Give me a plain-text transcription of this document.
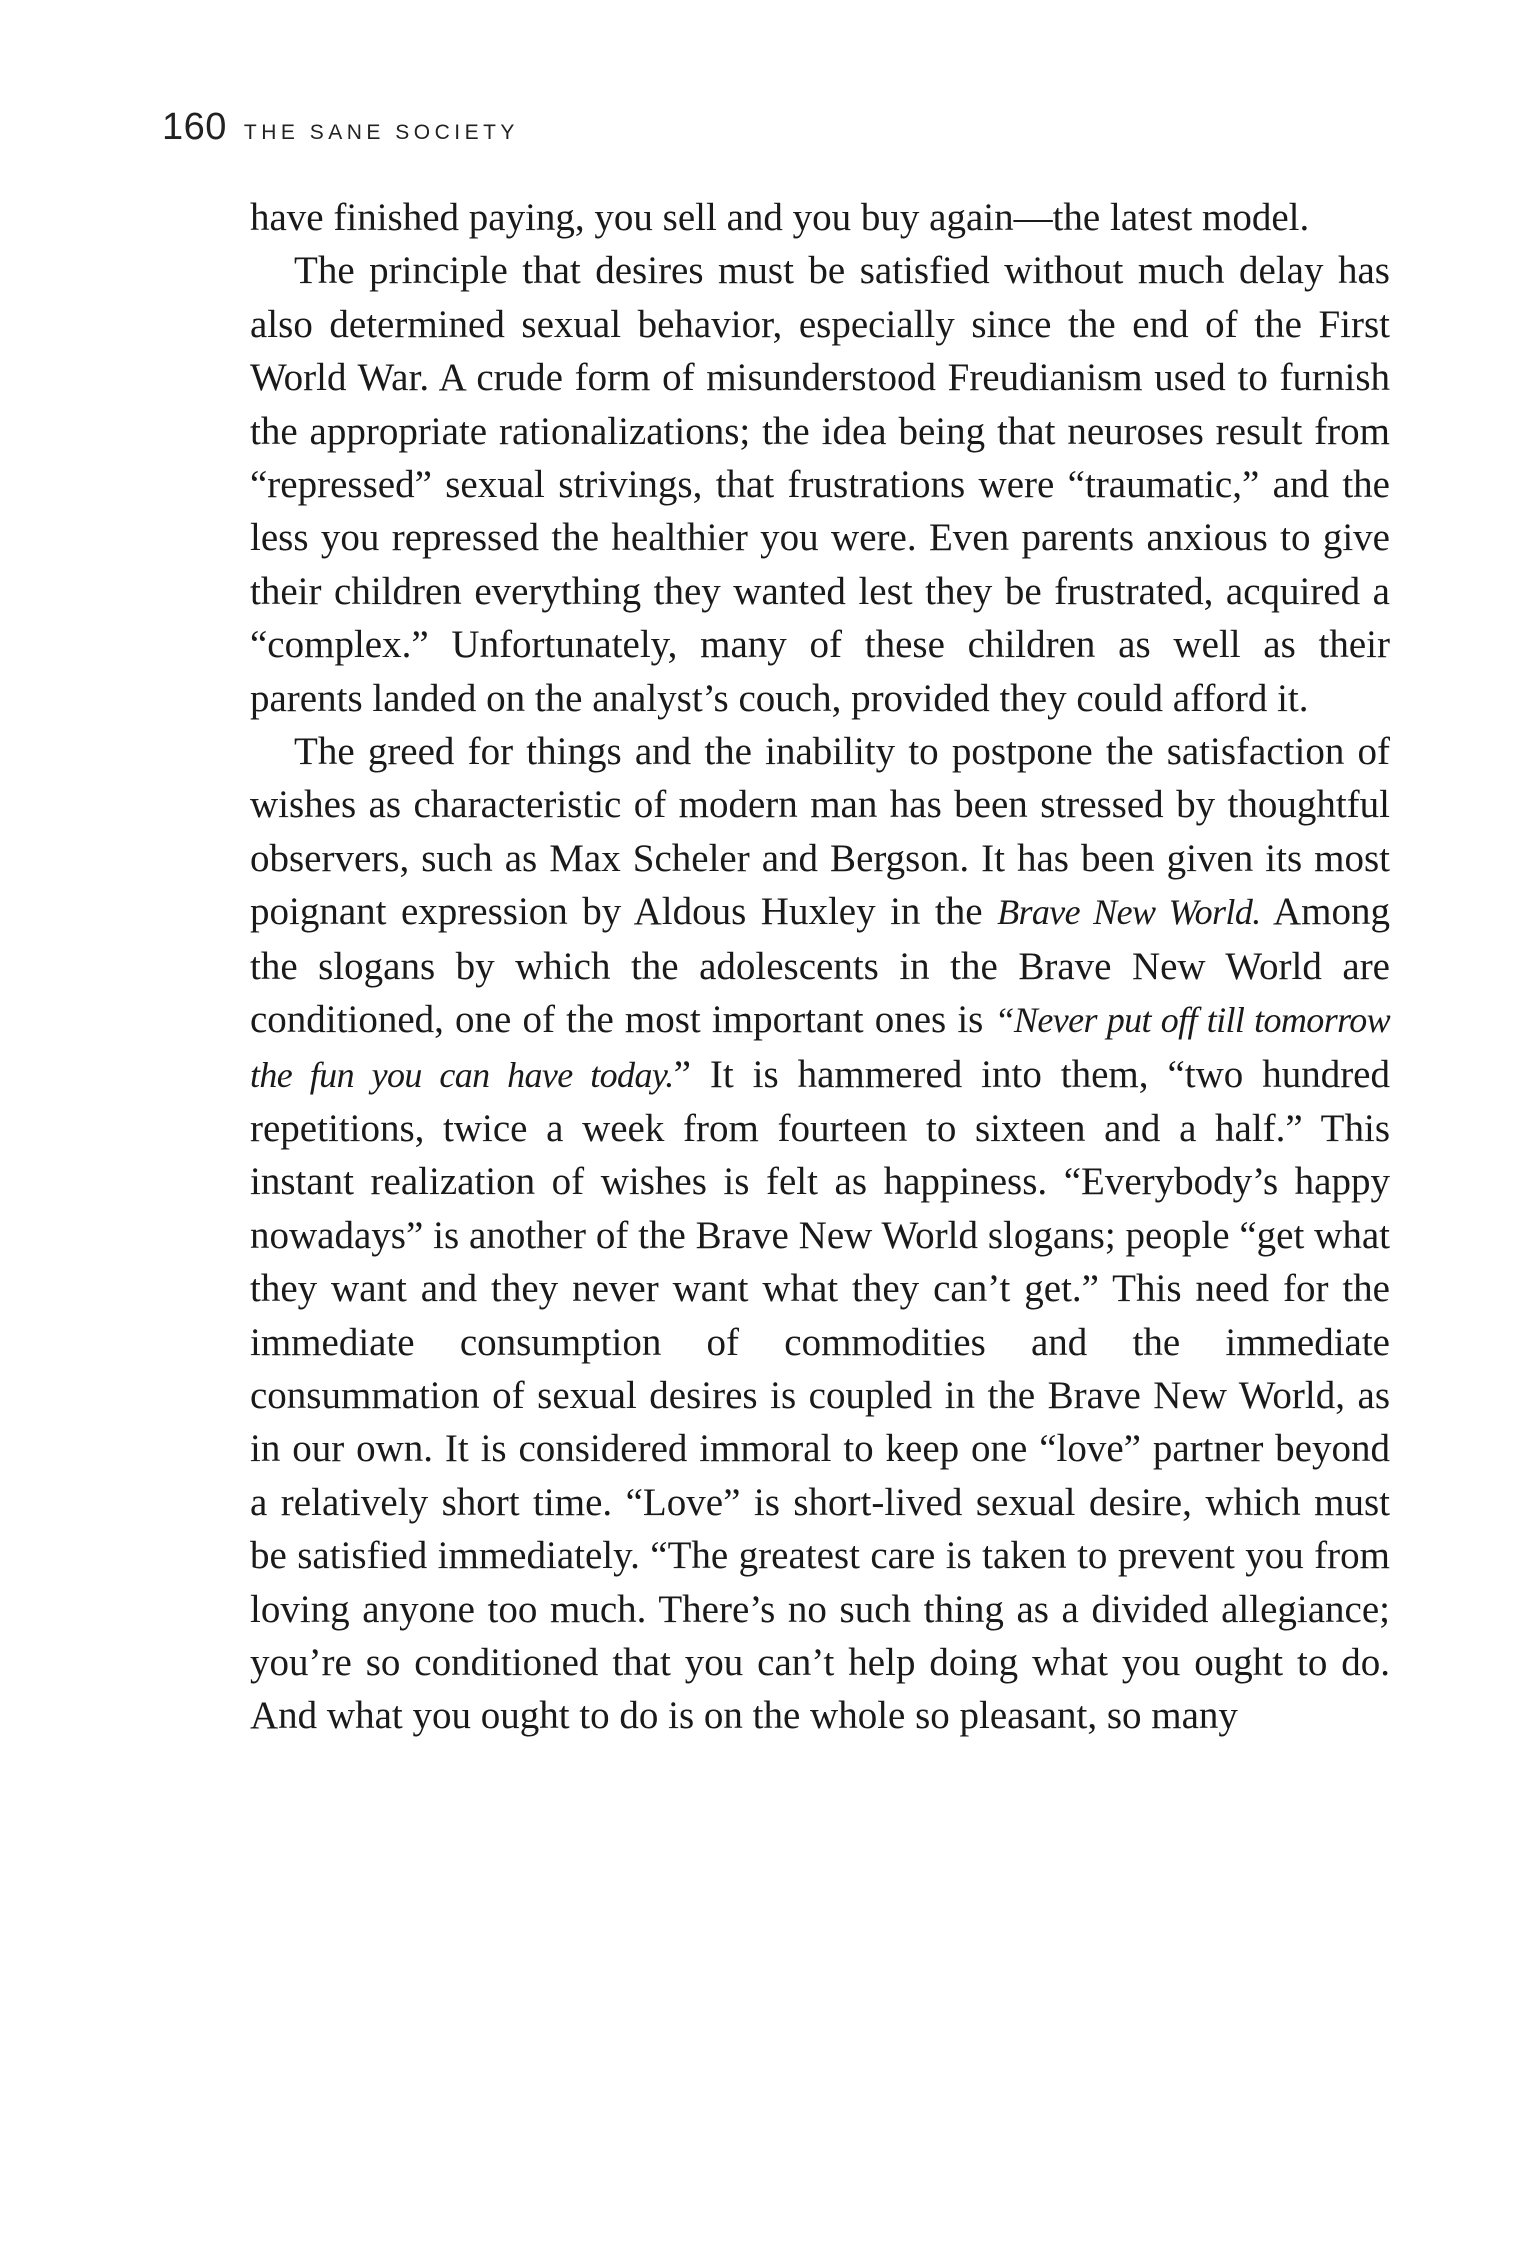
160 THE SANE SOCIETY

have finished paying, you sell and you buy again—the latest model.

The principle that desires must be satisfied without much delay has also determined sexual behavior, especially since the end of the First World War. A crude form of misunderstood Freudianism used to furnish the appropriate rationalizations; the idea being that neuroses result from “repressed” sexual strivings, that frustrations were “traumatic,” and the less you repressed the healthier you were. Even parents anxious to give their children everything they wanted lest they be frustrated, acquired a “complex.” Unfortunately, many of these children as well as their parents landed on the analyst’s couch, provided they could afford it.

The greed for things and the inability to postpone the satisfaction of wishes as characteristic of modern man has been stressed by thoughtful observers, such as Max Scheler and Bergson. It has been given its most poignant expression by Aldous Huxley in the Brave New World. Among the slogans by which the adolescents in the Brave New World are conditioned, one of the most important ones is “Never put off till tomorrow the fun you can have today.” It is hammered into them, “two hundred repetitions, twice a week from fourteen to sixteen and a half.” This instant realization of wishes is felt as happiness. “Everybody’s happy nowadays” is another of the Brave New World slogans; people “get what they want and they never want what they can’t get.” This need for the immediate consumption of commodities and the immediate consummation of sexual desires is coupled in the Brave New World, as in our own. It is considered immoral to keep one “love” partner beyond a relatively short time. “Love” is short-lived sexual desire, which must be satisfied immediately. “The greatest care is taken to prevent you from loving anyone too much. There’s no such thing as a divided allegiance; you’re so conditioned that you can’t help doing what you ought to do. And what you ought to do is on the whole so pleasant, so many
